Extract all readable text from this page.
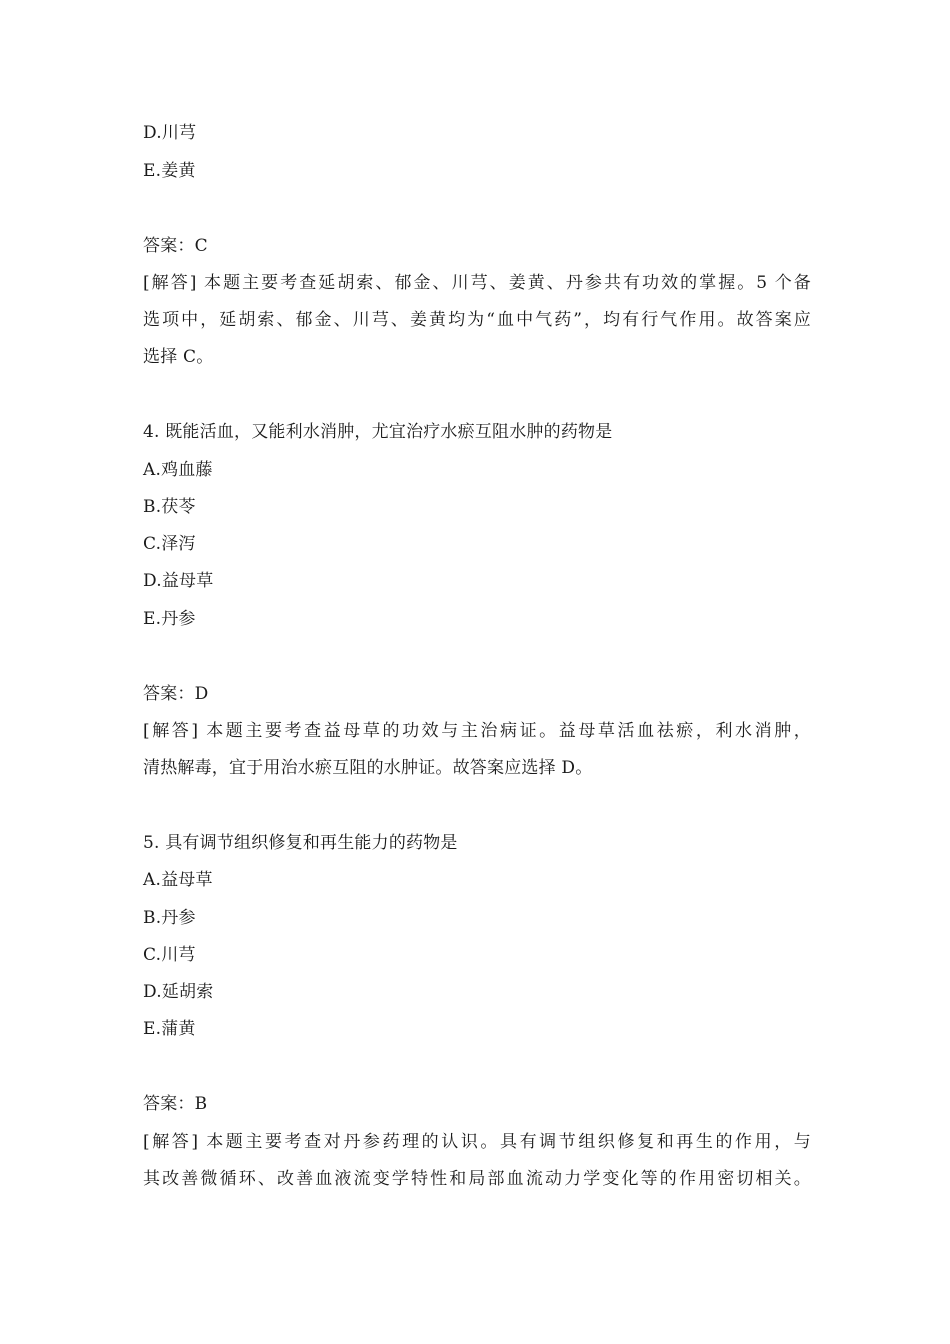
D.川芎
E.姜黄
答案：C
[解答] 本题主要考查延胡索、郁金、川芎、姜黄、丹参共有功效的掌握。5 个备
选项中，延胡索、郁金、川芎、姜黄均为“血中气药”，均有行气作用。故答案应
选择 C。
4. 既能活血，又能利水消肿，尤宜治疗水瘀互阻水肿的药物是
A.鸡血藤
B.茯苓
C.泽泻
D.益母草
E.丹参
答案：D
[解答] 本题主要考查益母草的功效与主治病证。益母草活血祛瘀，利水消肿，
清热解毒，宜于用治水瘀互阻的水肿证。故答案应选择 D。
5. 具有调节组织修复和再生能力的药物是
A.益母草
B.丹参
C.川芎
D.延胡索
E.蒲黄
答案：B
[解答] 本题主要考查对丹参药理的认识。具有调节组织修复和再生的作用，与
其改善微循环、改善血液流变学特性和局部血流动力学变化等的作用密切相关。
